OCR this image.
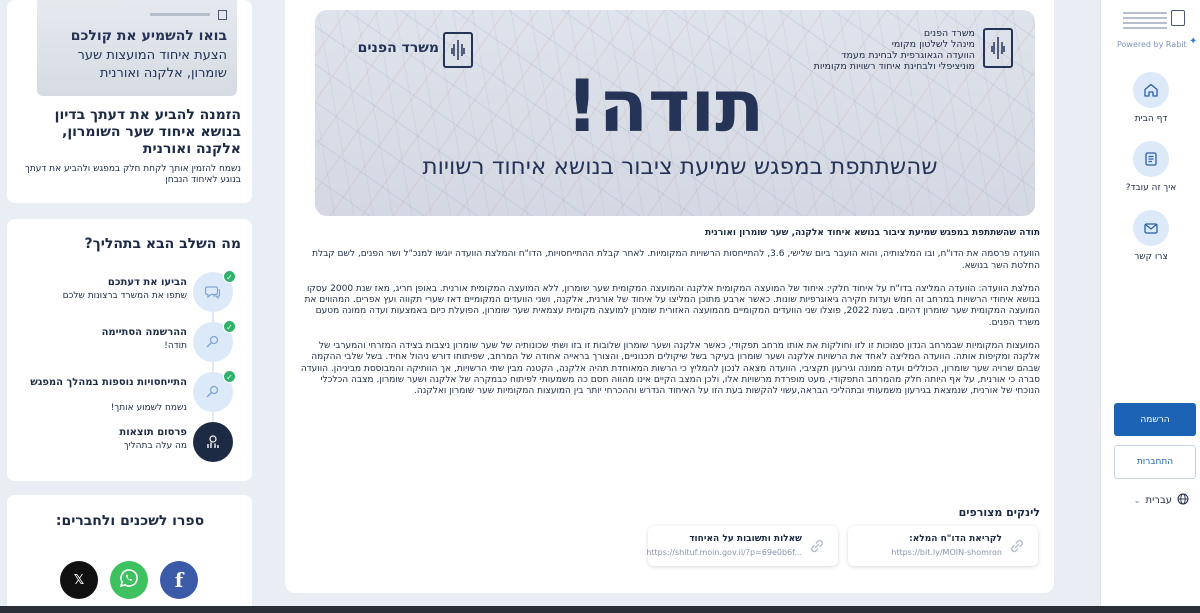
Powered by Rabit ✦
דף הבית
איך זה עובד?
צרו קשר
הרשמה
התחברות
עברית
⌄
משרד הפנים
מינהל לשלטון מקומי
הוועדה הגאוגרפית לבחינת מעמד
מוניציפלי ולבחינת איחוד רשויות מקומיות
משרד הפנים
תודה!
שהשתתפת במפגש שמיעת ציבור בנושא איחוד רשויות
תודה שהשתתפת במפגש שמיעת ציבור בנושא איחוד אלקנה, שער שומרון ואורנית

הוועדה פרסמה את הדו"ח, ובו המלצותיה, והוא הועבר ביום שלישי, 3.6, להתייחסות הרשויות המקומיות. לאחר קבלת ההתייחסויות, הדו"ח והמלצת הוועדה יוגשו למנכ"ל ושר הפנים, לשם קבלת החלטת השר בנושא.

המלצת הוועדה: הוועדה המליצה בדו"ח על איחוד חלקי: איחוד של המועצה המקומית אלקנה והמועצה המקומית שער שומרון, ללא המועצה המקומית אורנית. באופן חריג, מאז שנת 2000 עסקו בנושא איחודי הרשויות במרחב זה חמש ועדות חקירה גיאוגרפיות שונות. כאשר ארבע מתוכן המליצו על איחוד של אורנית, אלקנה, ושני הוועדים המקומיים דאז שערי תקווה ועץ אפרים. המהווים את המועצה המקומית שער שומרון דהיום. בשנת 2022, פוצלו שני הוועדים המקומיים מהמועצה האזורית שומרון למועצה מקומית עצמאית שער שומרון, הפועלת כיום באמצעות ועדה ממונה מטעם משרד הפנים.

המועצות המקומיות שבמרחב הנדון סמוכות זו לזו וחולקות את אותו מרחב תפקודי, כאשר אלקנה ושער שומרון שלובות זו בזו ושתי שכונותיה של שער שומרון ניצבות בצידה המזרחי והמערבי של אלקנה ומקיפות אותה. הוועדה המליצה לאחד את הרשויות אלקנה ושער שומרון בעיקר בשל שיקולים תכנוניים, והצורך בראייה אחודה של המרחב, שפיתוחו דורש ניהול אחיד. בשל שלבי ההקמה שבהם שרויה שער שומרון, הכוללים ועדה ממונה וגירעון תקציבי, הוועדה מצאה לנכון להמליץ כי הרשות המאוחדת תהיה אלקנה, הקטנה מבין שתי הרשויות, אך הוותיקה והמבוססת מביניהן. הוועדה סברה כי אורנית, על אף היותה חלק מהמרחב התפקודי, מעט מופרדת מרשויות אלו, ולכן המצב הקיים אינו מהווה חסם כה משמעותי לפיתוח כבמקרה של אלקנה ושער שומרון. מצבה הכלכלי הנוכחי של אורנית, שנמצאת בגירעון משמעותי ובתהליכי הבראה,עשוי להקשות בעת הזו על האיחוד הנדרש וההכרחי יותר בין המועצות המקומיות שער שומרון ואלקנה.

לינקים מצורפים
לקריאת הדו"ח המלא:
https://bit.ly/MOIN-shomron
שאלות ותשובות על האיחוד
https://shituf.moin.gov.il/?p=69e0b6f...

בואו להשמיע את קולכם
הצעת איחוד המועצות שער
שומרון, אלקנה ואורנית
הזמנה להביע את דעתך בדיון בנושא איחוד שער השומרון, אלקנה ואורנית
נשמח להזמין אותך לקחת חלק במפגש ולהביע את דעתך בנוגע לאיחוד הנבחן
מה השלב הבא בתהליך?
✓
הביעו את דעתכם
שתפו את המשרד ברצונות שלכם
✓
ההרשמה הסתיימה
תודה!
✓
התייחסויות נוספות במהלך המפגש
נשמח לשמוע אותך!
פרסום תוצאות
מה עלה בתהליך
ספרו לשכנים ולחברים:
f
𝕏
